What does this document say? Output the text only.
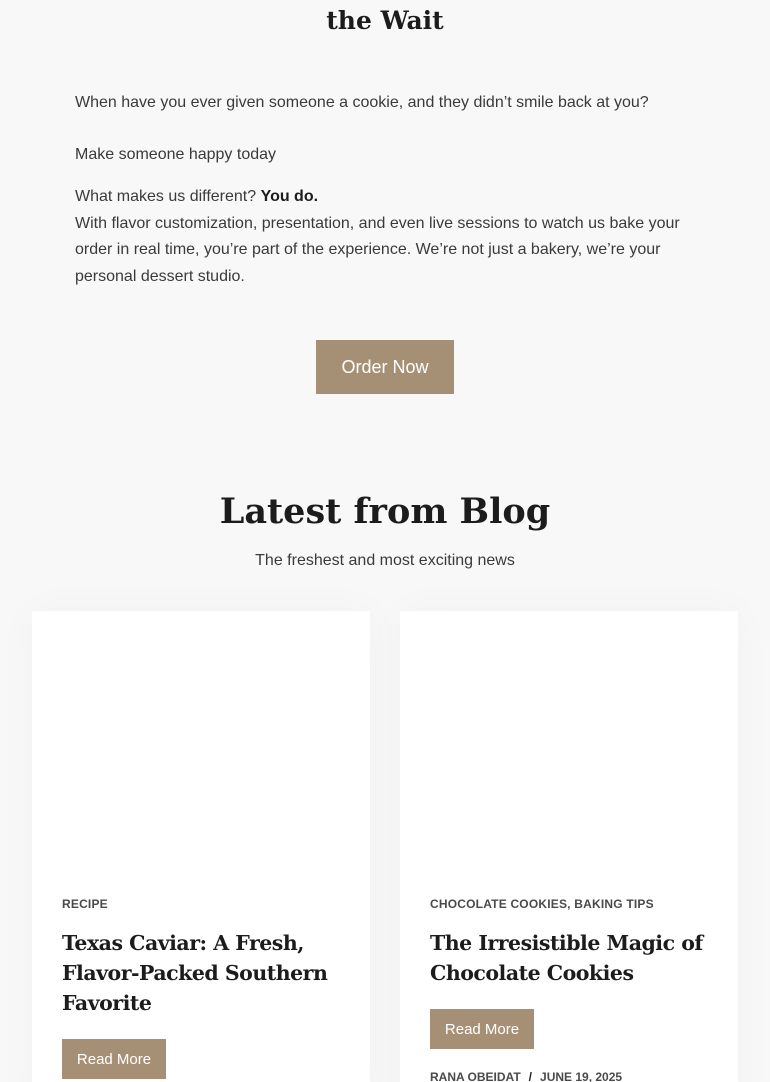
the Wait

When have you ever given someone a cookie, and they didn’t smile back at you?

Make someone happy today

What makes us different? You do.
With flavor customization, presentation, and even live sessions to watch us bake your order in real time, you’re part of the experience. We’re not just a bakery, we’re your personal dessert studio.

Order Now
Latest from Blog
The freshest and most exciting news
RECIPE
Texas Caviar: A Fresh, Flavor-Packed Southern Favorite
Read More
CHOCOLATE COOKIES, BAKING TIPS
The Irresistible Magic of Chocolate Cookies
Read More
RANA OBEIDAT / JUNE 19, 2025
